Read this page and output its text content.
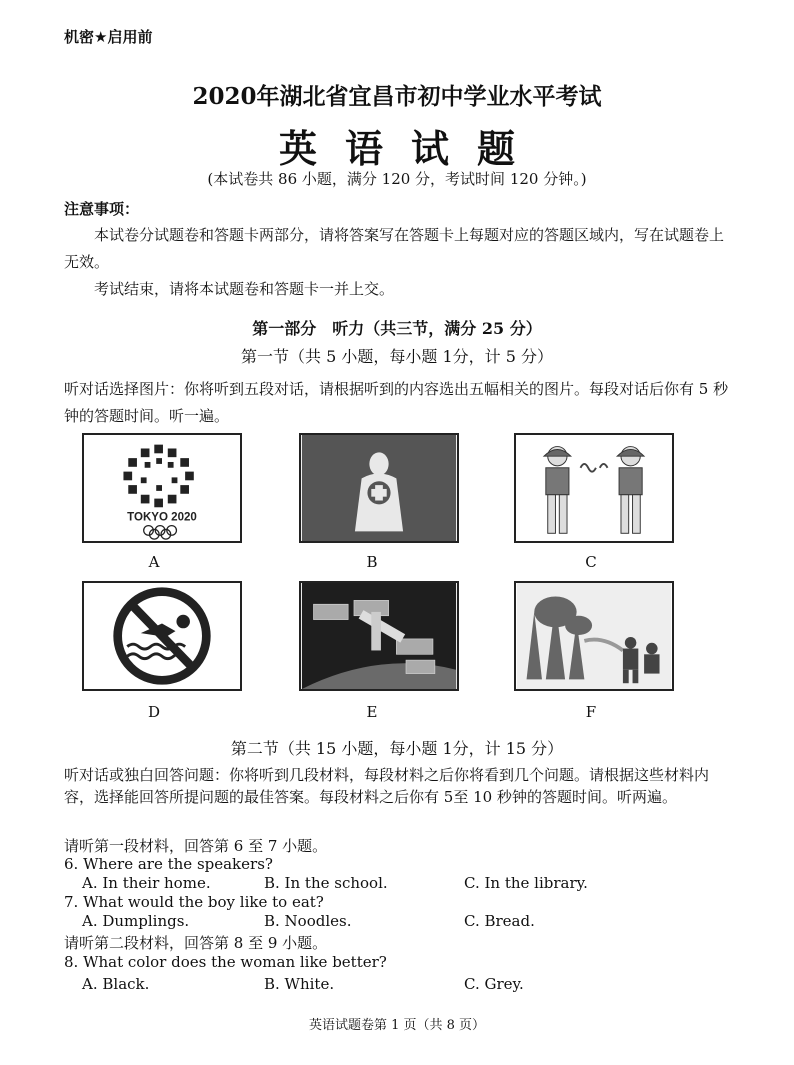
机密★启用前
2020年湖北省宜昌市初中学业水平考试
英语试题
(本试卷共 86 小题，满分 120 分，考试时间 120 分钟。)
注意事项：
本试卷分试题卷和答题卡两部分，请将答案写在答题卡上每题对应的答题区域内，写在试题卷上无效。
考试结束，请将本试题卷和答题卡一并上交。
第一部分　听力（共三节，满分 25 分）
第一节（共 5 小题，每小题 1分，计 5 分）
听对话选择图片：你将听到五段对话，请根据听到的内容选出五幅相关的图片。每段对话后你有 5 秒钟的答题时间。听一遍。
TOKYO 2020
A	B	C
D	E	F
第二节（共 15 小题，每小题 1分，计 15 分）
听对话或独白回答问题：你将听到几段材料，每段材料之后你将看到几个问题。请根据这些材料内容，选择能回答所提问题的最佳答案。每段材料之后你有 5至 10 秒钟的答题时间。听两遍。
请听第一段材料，回答第 6 至 7 小题。
6. Where are the speakers?
A. In their home.	B. In the school.	C. In the library.
7. What would the boy like to eat?
A. Dumplings.	B. Noodles.	C. Bread.
请听第二段材料，回答第 8 至 9 小题。
8. What color does the woman like better?
A. Black.	B. White.	C. Grey.
英语试题卷第 1 页（共 8 页）
